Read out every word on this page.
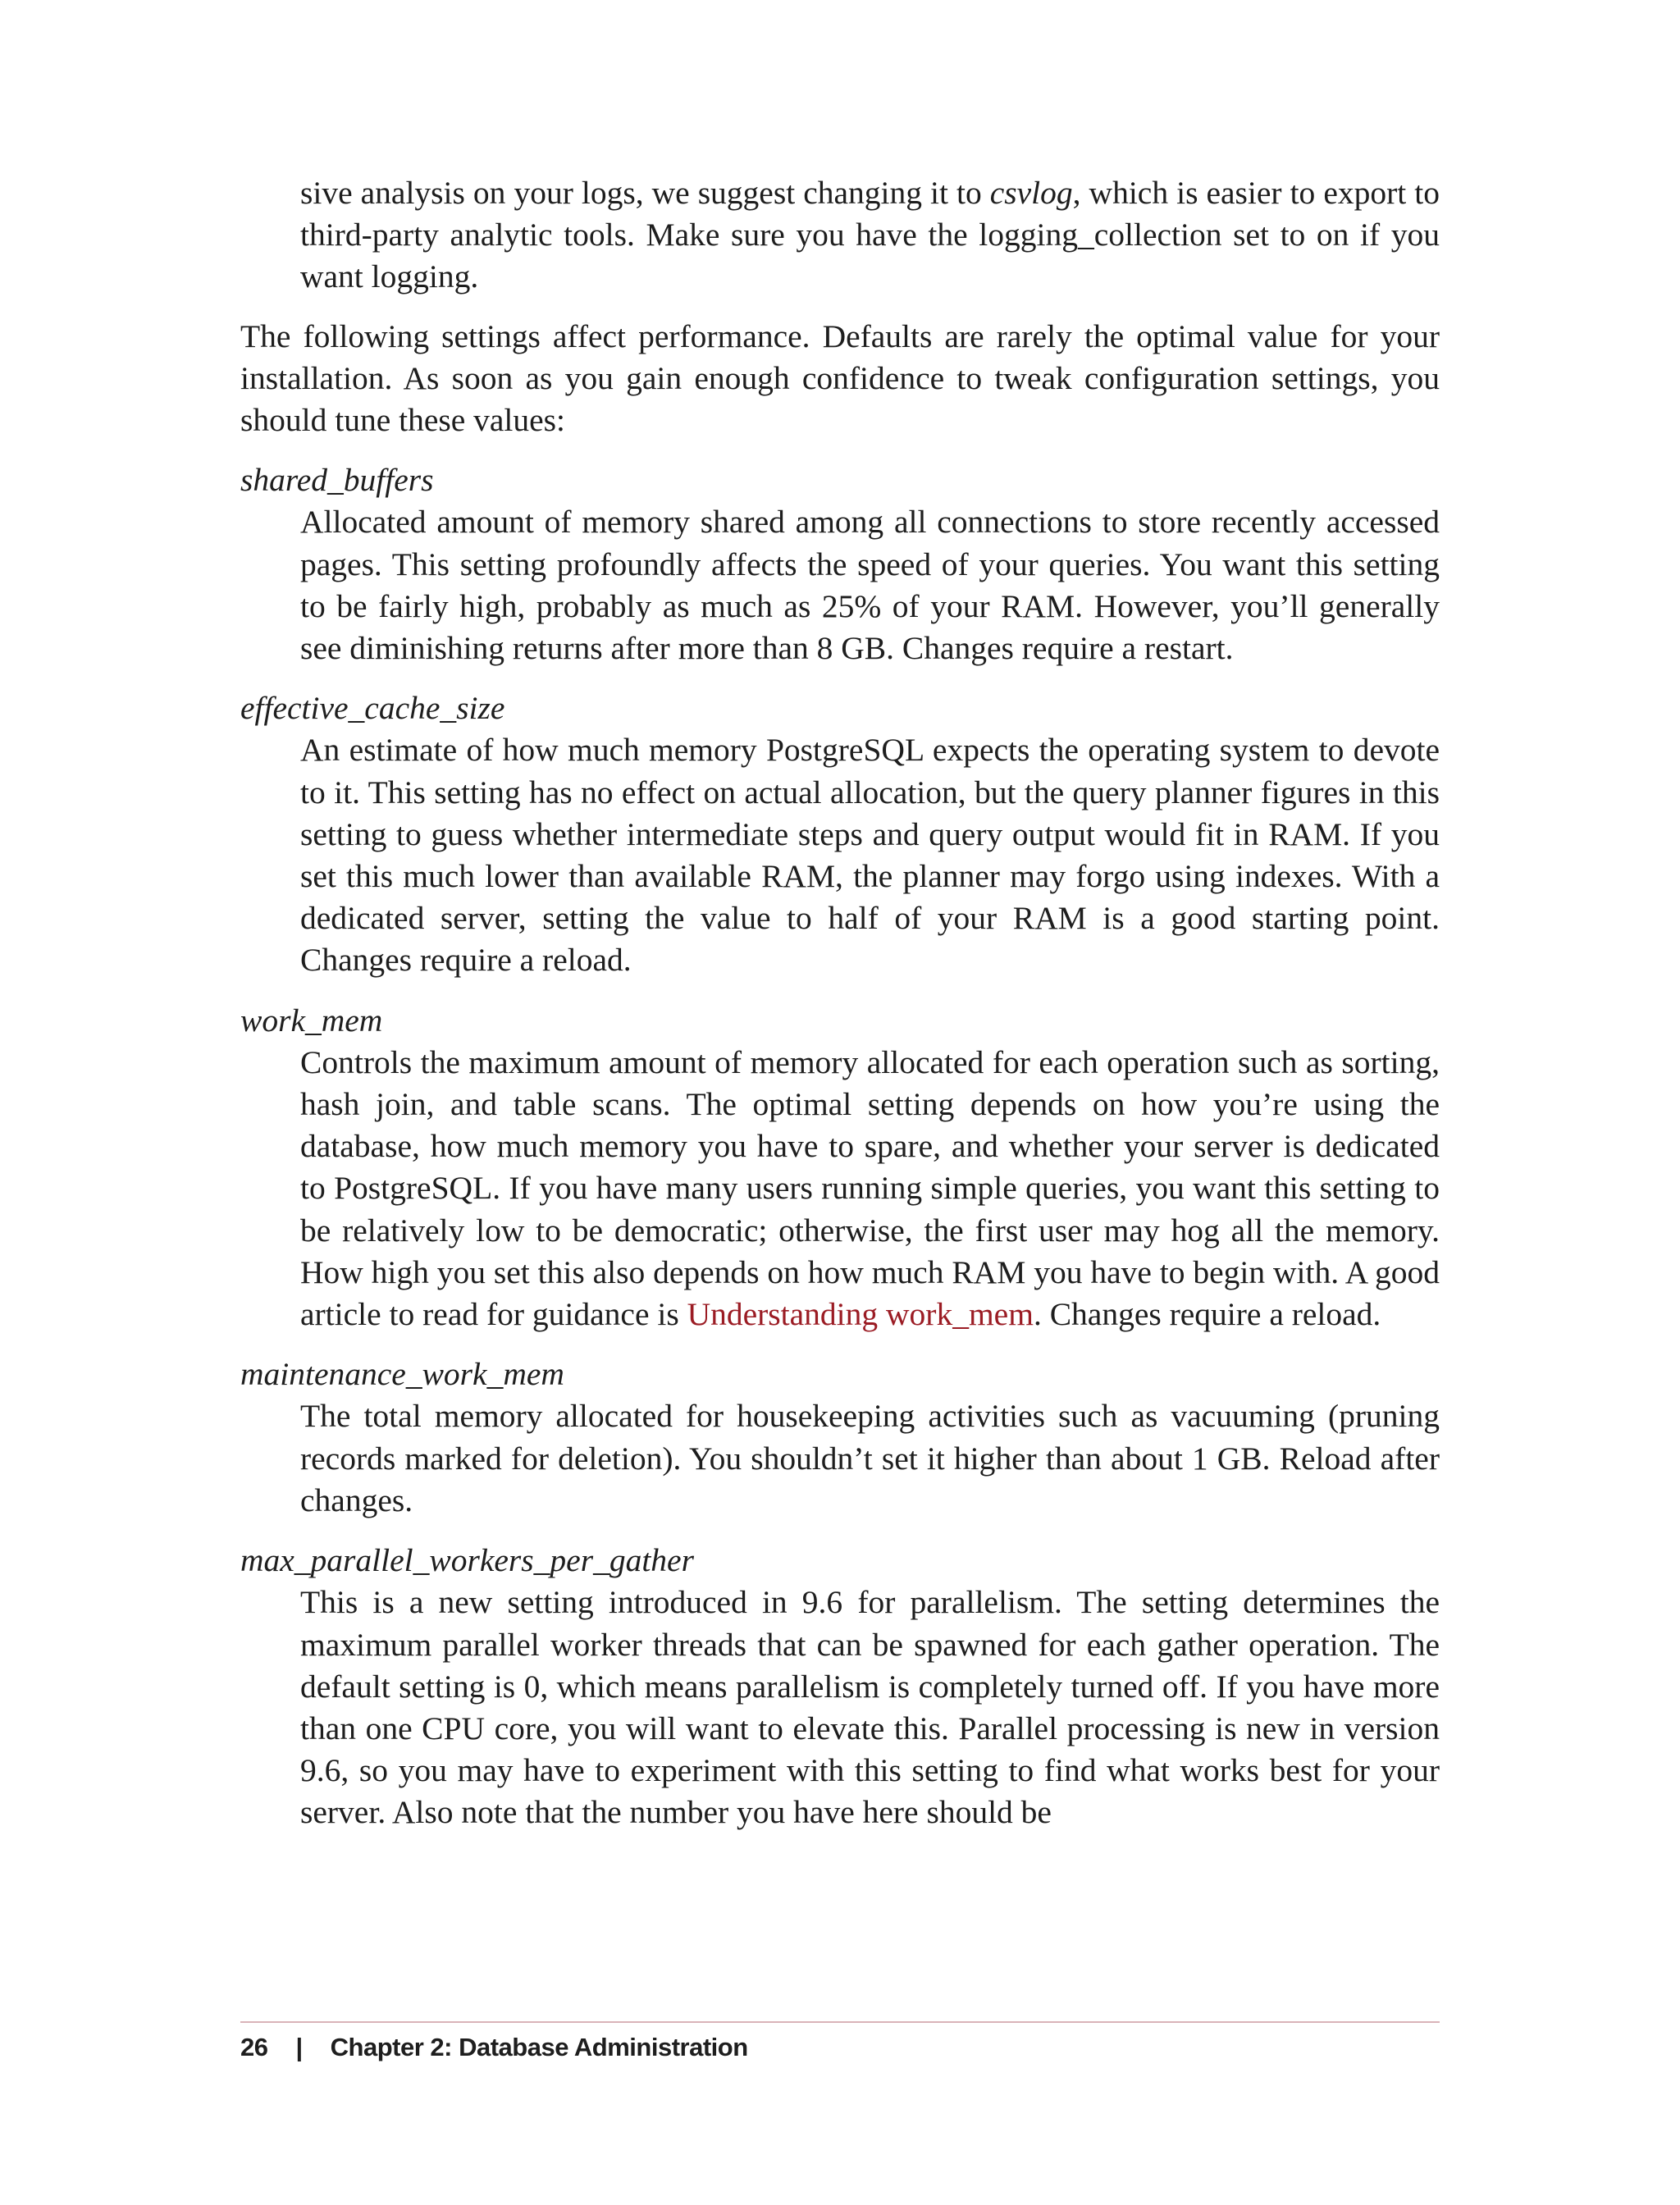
sive analysis on your logs, we suggest changing it to csvlog, which is easier to export to third-party analytic tools. Make sure you have the logging_collection set to on if you want logging.

The following settings affect performance. Defaults are rarely the optimal value for your installation. As soon as you gain enough confidence to tweak configuration settings, you should tune these values:

shared_buffers

Allocated amount of memory shared among all connections to store recently accessed pages. This setting profoundly affects the speed of your queries. You want this setting to be fairly high, probably as much as 25% of your RAM. However, you’ll generally see diminishing returns after more than 8 GB. Changes require a restart.

effective_cache_size

An estimate of how much memory PostgreSQL expects the operating system to devote to it. This setting has no effect on actual allocation, but the query planner figures in this setting to guess whether intermediate steps and query output would fit in RAM. If you set this much lower than available RAM, the planner may forgo using indexes. With a dedicated server, setting the value to half of your RAM is a good starting point. Changes require a reload.

work_mem

Controls the maximum amount of memory allocated for each operation such as sorting, hash join, and table scans. The optimal setting depends on how you’re using the database, how much memory you have to spare, and whether your server is dedicated to PostgreSQL. If you have many users running simple queries, you want this setting to be relatively low to be democratic; otherwise, the first user may hog all the memory. How high you set this also depends on how much RAM you have to begin with. A good article to read for guidance is Understanding work_mem. Changes require a reload.

maintenance_work_mem

The total memory allocated for housekeeping activities such as vacuuming (pruning records marked for deletion). You shouldn’t set it higher than about 1 GB. Reload after changes.

max_parallel_workers_per_gather

This is a new setting introduced in 9.6 for parallelism. The setting determines the maximum parallel worker threads that can be spawned for each gather operation. The default setting is 0, which means parallelism is completely turned off. If you have more than one CPU core, you will want to elevate this. Parallel processing is new in version 9.6, so you may have to experiment with this setting to find what works best for your server. Also note that the number you have here should be

26 | Chapter 2: Database Administration
